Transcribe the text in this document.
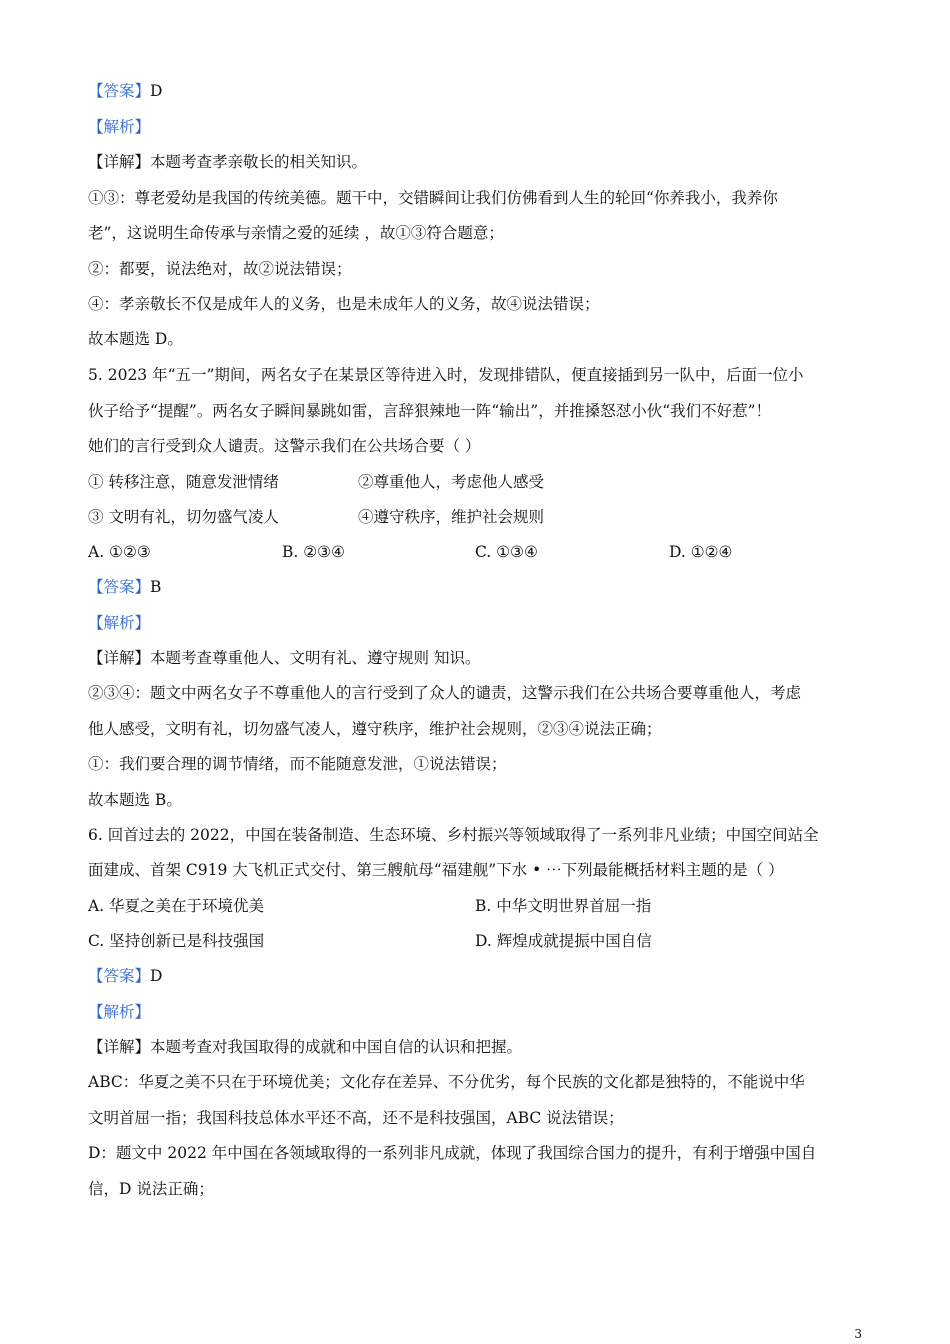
【答案】D
【解析】
【详解】本题考查孝亲敬长的相关知识。
①③：尊老爱幼是我国的传统美德。题干中，交错瞬间让我们仿佛看到人生的轮回“你养我小，我养你
老”，这说明生命传承与亲情之爱的延续 ，故①③符合题意；
②：都要，说法绝对，故②说法错误；
④：孝亲敬长不仅是成年人的义务，也是未成年人的义务，故④说法错误；
故本题选 D。
5. 2023 年“五一”期间，两名女子在某景区等待进入时，发现排错队，便直接插到另一队中，后面一位小
伙子给予“提醒”。两名女子瞬间暴跳如雷，言辞狠辣地一阵“输出”，并推搡怒怼小伙“我们不好惹”！
她们的言行受到众人谴责。这警示我们在公共场合要（ ）
① 转移注意，随意发泄情绪	②尊重他人，考虑他人感受
③ 文明有礼，切勿盛气凌人	④遵守秩序，维护社会规则
A. ①②③	B. ②③④	C. ①③④	D. ①②④
【答案】B
【解析】
【详解】本题考查尊重他人、文明有礼、遵守规则 知识。
②③④：题文中两名女子不尊重他人的言行受到了众人的谴责，这警示我们在公共场合要尊重他人，考虑
他人感受，文明有礼，切勿盛气凌人，遵守秩序，维护社会规则，②③④说法正确；
①：我们要合理的调节情绪，而不能随意发泄，①说法错误；
故本题选 B。
6. 回首过去的 2022，中国在装备制造、生态环境、乡村振兴等领域取得了一系列非凡业绩；中国空间站全
面建成、首架 C919 大飞机正式交付、第三艘航母“福建舰”下水 • ⋯下列最能概括材料主题的是（ ）
A. 华夏之美在于环境优美	B. 中华文明世界首屈一指
C. 坚持创新已是科技强国	D. 辉煌成就提振中国自信
【答案】D
【解析】
【详解】本题考查对我国取得的成就和中国自信的认识和把握。
ABC：华夏之美不只在于环境优美；文化存在差异、不分优劣，每个民族的文化都是独特的，不能说中华
文明首屈一指；我国科技总体水平还不高，还不是科技强国，ABC 说法错误；
D：题文中 2022 年中国在各领域取得的一系列非凡成就，体现了我国综合国力的提升，有利于增强中国自
信，D 说法正确；
3
